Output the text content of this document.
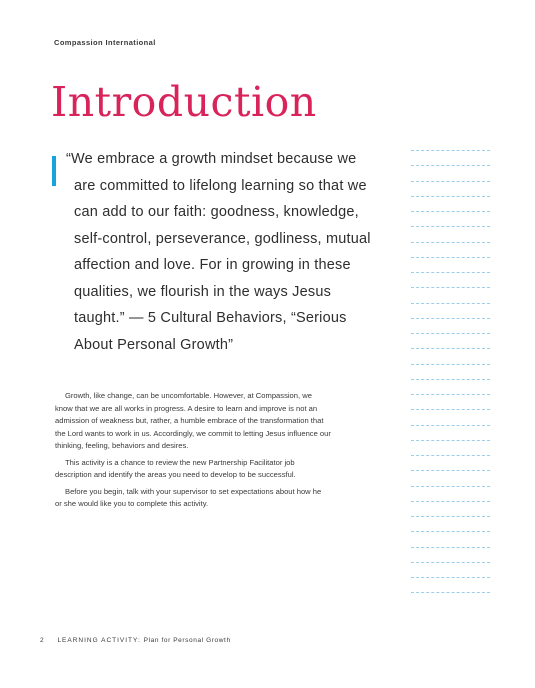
Compassion International
Introduction
“We embrace a growth mindset because we
are committed to lifelong learning so that we
can add to our faith: goodness, knowledge,
self-control, perseverance, godliness, mutual
affection and love. For in growing in these
qualities, we flourish in the ways Jesus
taught.” — 5 Cultural Behaviors, “Serious
About Personal Growth”

Growth, like change, can be uncomfortable. However, at Compassion, we
know that we are all works in progress. A desire to learn and improve is not an
admission of weakness but, rather, a humble embrace of the transformation that
the Lord wants to work in us. Accordingly, we commit to letting Jesus influence our
thinking, feeling, behaviors and desires.

This activity is a chance to review the new Partnership Facilitator job
description and identify the areas you need to develop to be successful.

Before you begin, talk with your supervisor to set expectations about how he
or she would like you to complete this activity.

2 LEARNING ACTIVITY: Plan for Personal Growth
